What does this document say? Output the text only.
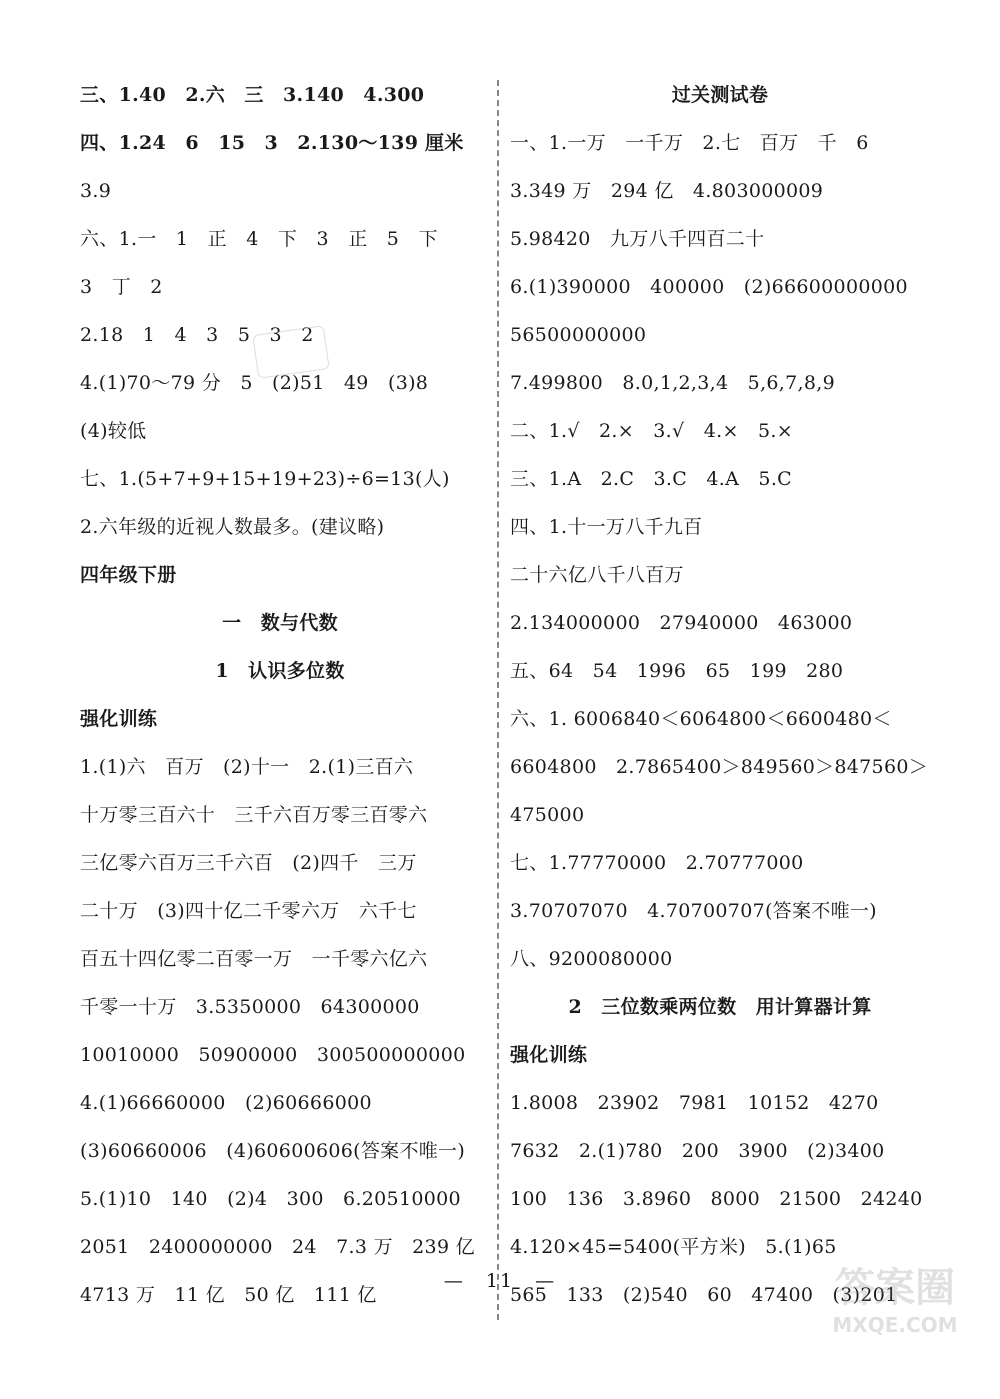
三、1.40　2.六　三　3.140　4.300
四、1.24　6　15　3　2.130～139 厘米
3.9
六、1.一　1　正　4　下　3　正　5　下
3　丁　2
2.18　1　4　3　5　3　2
4.(1)70～79 分　5　(2)51　49　(3)8
(4)较低
七、1.(5+7+9+15+19+23)÷6=13(人)
2.六年级的近视人数最多。(建议略)
四年级下册
一　数与代数
1　认识多位数
强化训练
1.(1)六　百万　(2)十一　2.(1)三百六
十万零三百六十　三千六百万零三百零六
三亿零六百万三千六百　(2)四千　三万
二十万　(3)四十亿二千零六万　六千七
百五十四亿零二百零一万　一千零六亿六
千零一十万　3.5350000　64300000
10010000　50900000　300500000000
4.(1)66660000　(2)60666000
(3)60660006　(4)60600606(答案不唯一)
5.(1)10　140　(2)4　300　6.20510000
2051　2400000000　24　7.3 万　239 亿
4713 万　11 亿　50 亿　111 亿
过关测试卷
一、1.一万　一千万　2.七　百万　千　6
3.349 万　294 亿　4.803000009
5.98420　九万八千四百二十
6.(1)390000　400000　(2)66600000000
56500000000
7.499800　8.0,1,2,3,4　5,6,7,8,9
二、1.√　2.×　3.√　4.×　5.×
三、1.A　2.C　3.C　4.A　5.C
四、1.十一万八千九百
二十六亿八千八百万
2.134000000　27940000　463000
五、64　54　1996　65　199　280
六、1. 6006840＜6064800＜6600480＜
6604800　2.7865400＞849560＞847560＞
475000
七、1.77770000　2.70777000
3.70707070　4.70700707(答案不唯一)
八、9200080000
2　三位数乘两位数　用计算器计算
强化训练
1.8008　23902　7981　10152　4270
7632　2.(1)780　200　3900　(2)3400
100　136　3.8960　8000　21500　24240
4.120×45=5400(平方米)　5.(1)65
565　133　(2)540　60　47400　(3)201
—　11　—	答案圈
MXQE.COM
